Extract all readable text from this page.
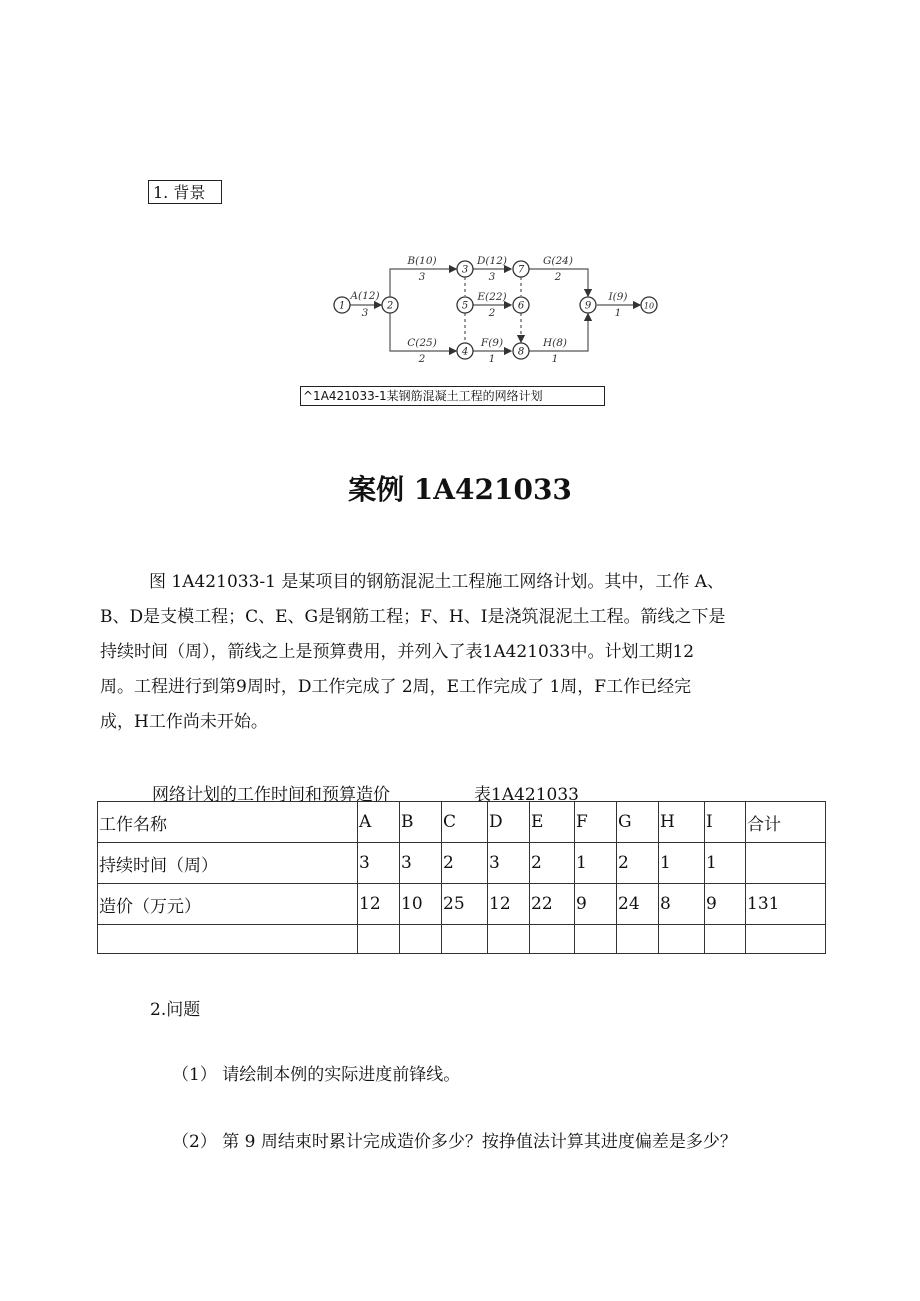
1. 背景
1	2
3
4
5	6
7
8
9	10
A(12)
3
B(10)
3
C(25)
2
D(12)
3
E(22)
2
F(9)
1
G(24)
2
H(8)
1
I(9)
1
^1A421033-1某钢筋混凝土工程的网络计划
案例 1A421033
图 1A421033-1 是某项目的钢筋混泥土工程施工网络计划。其中，工作 A、
B、D是支模工程；C、E、G是钢筋工程；F、H、I是浇筑混泥土工程。箭线之下是
持续时间（周），箭线之上是预算费用，并列入了表1A421033中。计划工期12
周。工程进行到第9周时，D工作完成了 2周，E工作完成了 1周，F工作已经完
成，H工作尚未开始。
网络计划的工作时间和预算造价	表1A421033
工作名称	A	B	C	D	E	F	G	H	I	合计
持续时间（周）	3	3	2	3	2	1	2	1	1	
造价（万元）	12	10	25	12	22	9	24	8	9	131

2.问题
（1） 请绘制本例的实际进度前锋线。
（2） 第 9 周结束时累计完成造价多少？按挣值法计算其进度偏差是多少？
